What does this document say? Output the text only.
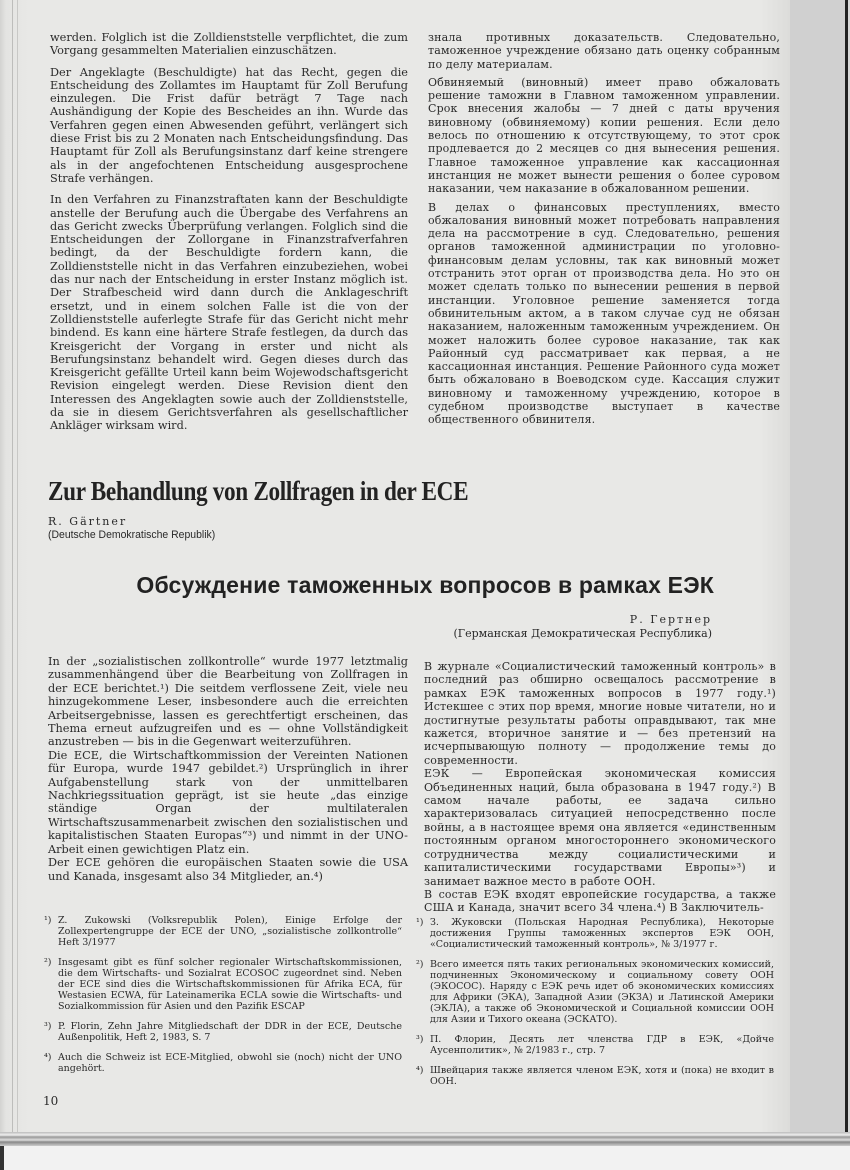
werden. Folglich ist die Zolldienststelle verpflichtet, die zum Vorgang gesammelten Materialien einzuschätzen.

Der Angeklagte (Beschuldigte) hat das Recht, gegen die Entscheidung des Zollamtes im Hauptamt für Zoll Berufung einzulegen. Die Frist dafür beträgt 7 Tage nach Aushändigung der Kopie des Bescheides an ihn. Wurde das Verfahren gegen einen Abwesenden geführt, verlängert sich diese Frist bis zu 2 Monaten nach Entscheidungsfindung. Das Hauptamt für Zoll als Berufungsinstanz darf keine strengere als in der angefochtenen Entscheidung ausgesprochene Strafe verhängen.

In den Verfahren zu Finanzstraftaten kann der Beschuldigte anstelle der Berufung auch die Übergabe des Verfahrens an das Gericht zwecks Überprüfung verlangen. Folglich sind die Entscheidungen der Zollorgane in Finanzstrafverfahren bedingt, da der Beschuldigte fordern kann, die Zolldienststelle nicht in das Verfahren einzubeziehen, wobei das nur nach der Entscheidung in erster Instanz möglich ist. Der Strafbescheid wird dann durch die Anklageschrift ersetzt, und in einem solchen Falle ist die von der Zolldienststelle auferlegte Strafe für das Gericht nicht mehr bindend. Es kann eine härtere Strafe festlegen, da durch das Kreisgericht der Vorgang in erster und nicht als Berufungsinstanz behandelt wird. Gegen dieses durch das Kreisgericht gefällte Urteil kann beim Wojewodschaftsgericht Revision eingelegt werden. Diese Revision dient den Interessen des Angeklagten sowie auch der Zolldienststelle, da sie in diesem Gerichtsverfahren als gesellschaftlicher Ankläger wirksam wird.

знала противных доказательств. Следовательно, таможенное учреждение обязано дать оценку собранным по делу материалам.

Обвиняемый (виновный) имеет право обжаловать решение таможни в Главном таможенном управлении. Срок внесения жалобы — 7 дней с даты вручения виновному (обвиняемому) копии решения. Если дело велось по отношению к отсутствующему, то этот срок продлевается до 2 месяцев со дня вынесения решения. Главное таможенное управление как кассационная инстанция не может вынести решения о более суровом наказании, чем наказание в обжалованном решении.

В делах о финансовых преступлениях, вместо обжалования виновный может потребовать направления дела на рассмотрение в суд. Следовательно, решения органов таможенной администрации по уголовно-финансовым делам условны, так как виновный может отстранить этот орган от производства дела. Но это он может сделать только по вынесении решения в первой инстанции. Уголовное решение заменяется тогда обвинительным актом, а в таком случае суд не обязан наказанием, наложенным таможенным учреждением. Он может наложить более суровое наказание, так как Районный суд рассматривает как первая, а не кассационная инстанция. Решение Районного суда может быть обжаловано в Воеводском суде. Кассация служит виновному и таможенному учреждению, которое в судебном производстве выступает в качестве общественного обвинителя.

Zur Behandlung von Zollfragen in der ECE
R. Gärtner
(Deutsche Demokratische Republik)
Обсуждение таможенных вопросов в рамках ЕЭК
Р. Гертнер
(Германская Демократическая Республика)

In der „sozialistischen zollkontrolle“ wurde 1977 letztmalig zusammenhängend über die Bearbeitung von Zollfragen in der ECE berichtet.¹) Die seitdem verflossene Zeit, viele neu hinzugekommene Leser, insbesondere auch die erreichten Arbeitsergebnisse, lassen es gerechtfertigt erscheinen, das Thema erneut aufzugreifen und es — ohne Vollständigkeit anzustreben — bis in die Gegenwart weiterzuführen.

Die ECE, die Wirtschaftkommission der Vereinten Nationen für Europa, wurde 1947 gebildet.²) Ursprünglich in ihrer Aufgabenstellung stark von der unmittelbaren Nachkriegssituation geprägt, ist sie heute „das einzige ständige Organ der multilateralen Wirtschaftszusammenarbeit zwischen den sozialistischen und kapitalistischen Staaten Europas“³) und nimmt in der UNO-Arbeit einen gewichtigen Platz ein.

Der ECE gehören die europäischen Staaten sowie die USA und Kanada, insgesamt also 34 Mitglieder, an.⁴)

В журнале «Социалистический таможенный контроль» в последний раз обширно освещалось рассмотрение в рамках ЕЭК таможенных вопросов в 1977 году.¹) Истекшее с этих пор время, многие новые читатели, но и достигнутые результаты работы оправдывают, так мне кажется, вторичное занятие и — без претензий на исчерпывающую полноту — продолжение темы до современности.

ЕЭК — Европейская экономическая комиссия Объединенных наций, была образована в 1947 году.²) В самом начале работы, ее задача сильно характеризовалась ситуацией непосредственно после войны, а в настоящее время она является «единственным постоянным органом многостороннего экономического сотрудничества между социалистическими и капиталистическими государствами Европы»³) и занимает важное место в работе ООН.

В состав ЕЭК входят европейские государства, а также США и Канада, значит всего 34 члена.⁴) В Заключитель-

¹) Z. Zukowski (Volksrepublik Polen), Einige Erfolge der Zollexpertengruppe der ECE der UNO, „sozialistische zollkontrolle“ Heft 3/1977
²) Insgesamt gibt es fünf solcher regionaler Wirtschaftskommissionen, die dem Wirtschafts- und Sozialrat ECOSOC zugeordnet sind. Neben der ECE sind dies die Wirtschaftskommissionen für Afrika ECA, für Westasien ECWA, für Lateinamerika ECLA sowie die Wirtschafts- und Sozialkommission für Asien und den Pazifik ESCAP
³) P. Florin, Zehn Jahre Mitgliedschaft der DDR in der ECE, Deutsche Außenpolitik, Heft 2, 1983, S. 7
⁴) Auch die Schweiz ist ECE-Mitglied, obwohl sie (noch) nicht der UNO angehört.
¹) З. Жуковски (Польская Народная Республика), Некоторые достижения Группы таможенных экспертов ЕЭК ООН, «Социалистический таможенный контроль», № 3/1977 г.
²) Всего имеется пять таких региональных экономических комиссий, подчиненных Экономическому и социальному совету ООН (ЭКОСОС). Наряду с ЕЭК речь идет об экономических комиссиях для Африки (ЭКА), Западной Азии (ЭКЗА) и Латинской Америки (ЭКЛА), а также об Экономической и Социальной комиссии ООН для Азии и Тихого океана (ЭСКАТО).
³) П. Флорин, Десять лет членства ГДР в ЕЭК, «Дойче Аусенполитик», № 2/1983 г., стр. 7
⁴) Швейцария также является членом ЕЭК, хотя и (пока) не входит в ООН.
10
